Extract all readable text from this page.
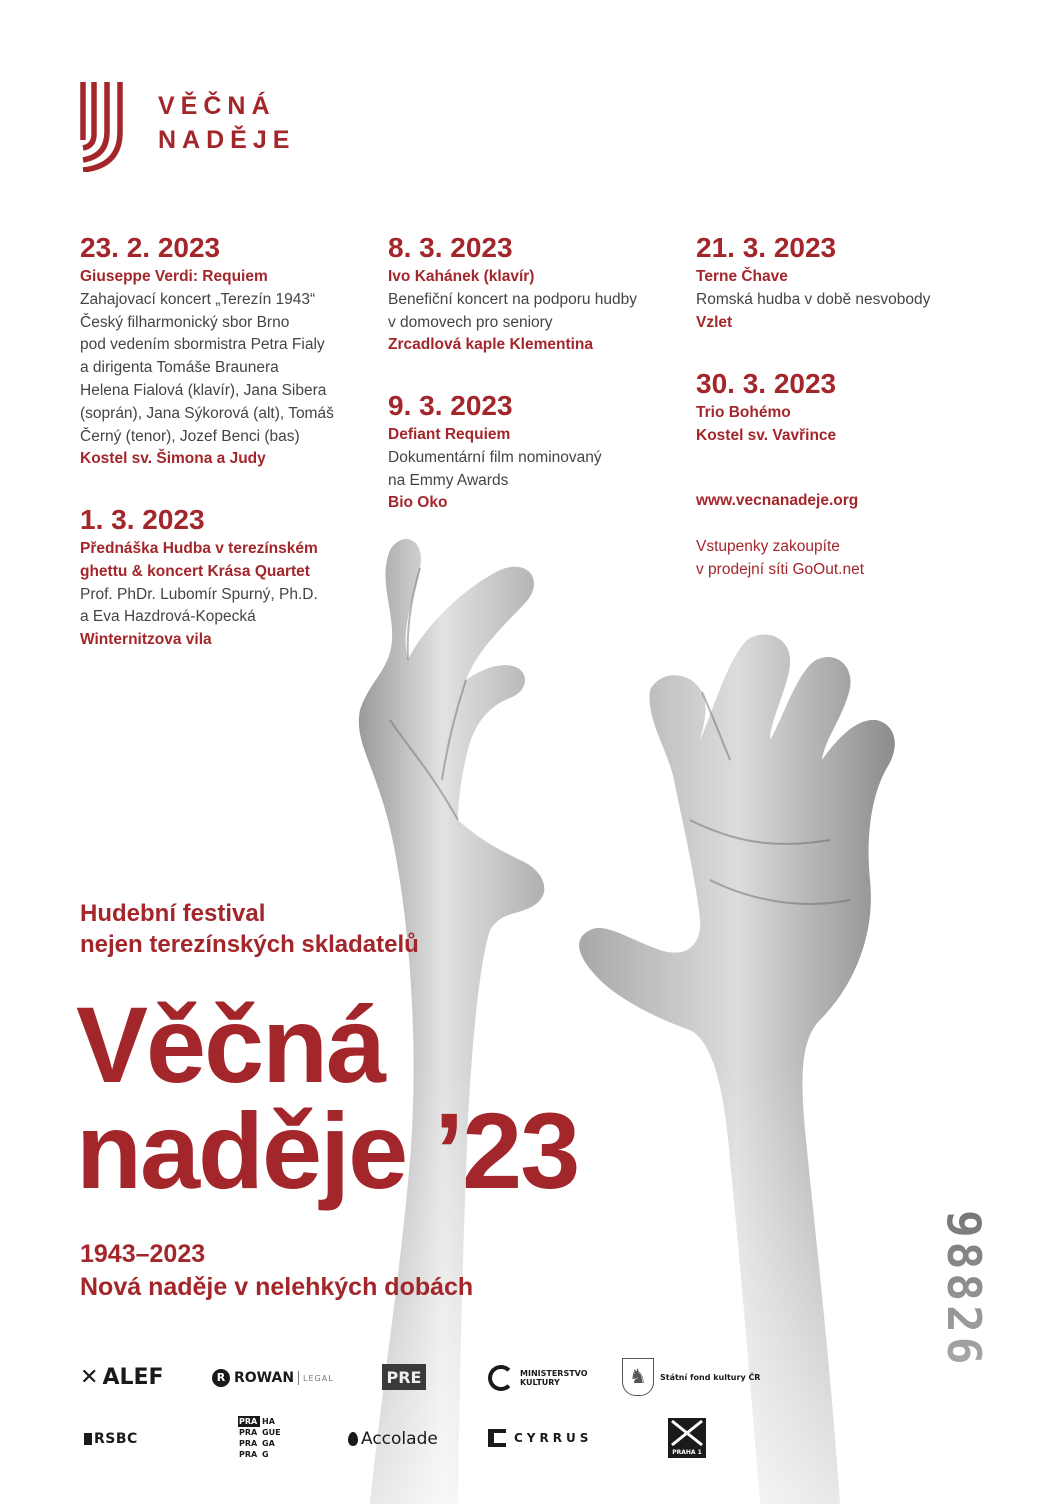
VĚČNÁ
NADĚJE
23. 2. 2023
Giuseppe Verdi: Requiem
Zahajovací koncert „Terezín 1943“
Český filharmonický sbor Brno
pod vedením sbormistra Petra Fialy
a dirigenta Tomáše Braunera
Helena Fialová (klavír), Jana Sibera
(soprán), Jana Sýkorová (alt), Tomáš
Černý (tenor), Jozef Benci (bas)
Kostel sv. Šimona a Judy
1. 3. 2023
Přednáška Hudba v terezínském
ghettu & koncert Krása Quartet
Prof. PhDr. Lubomír Spurný, Ph.D.
a Eva Hazdrová-Kopecká
Winternitzova vila
8. 3. 2023
Ivo Kahánek (klavír)
Benefiční koncert na podporu hudby
v domovech pro seniory
Zrcadlová kaple Klementina
9. 3. 2023
Defiant Requiem
Dokumentární film nominovaný
na Emmy Awards
Bio Oko
21. 3. 2023
Terne Čhave
Romská hudba v době nesvobody
Vzlet
30. 3. 2023
Trio Bohémo
Kostel sv. Vavřince
www.vecnanadeje.org
Vstupenky zakoupíte
v prodejní síti GoOut.net
Hudební festival
nejen terezínských skladatelů
Věčná
naděje ’23
1943–2023
Nová naděje v nelehkých dobách
✕ ALEF	R ROWAN LEGAL	PRE	MINISTERSTVO
KULTURY	♞	Státní fond kultury ČR
RSBC
PRA HA
PRA GUE
PRA GA
PRA G
Accolade	CYRRUS
PRAHA 1
